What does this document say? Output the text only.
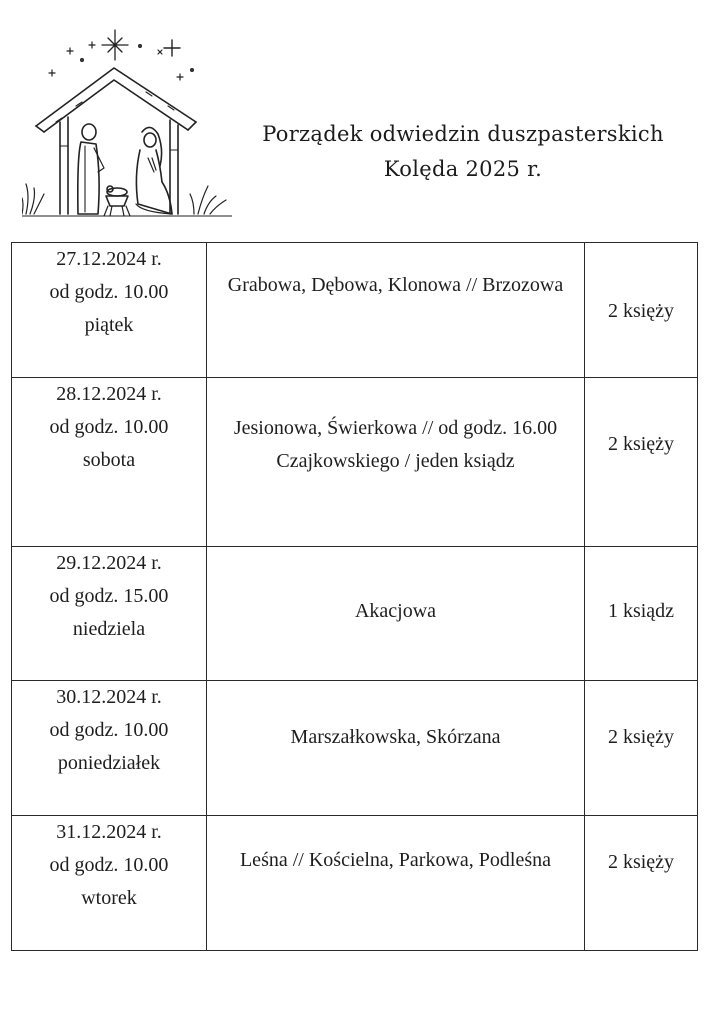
Porządek odwiedzin duszpasterskich
Kolęda 2025 r.
27.12.2024 r.
od godz. 10.00
piątek	Grabowa, Dębowa, Klonowa // Brzozowa	2 księży

28.12.2024 r.
od godz. 10.00
sobota	Jesionowa, Świerkowa // od godz. 16.00 Czajkowskiego / jeden ksiądz	2 księży

29.12.2024 r.
od godz. 15.00
niedziela	Akacjowa	1 ksiądz

30.12.2024 r.
od godz. 10.00
poniedziałek	Marszałkowska, Skórzana	2 księży

31.12.2024 r.
od godz. 10.00
wtorek	Leśna // Kościelna, Parkowa, Podleśna	2 księży
